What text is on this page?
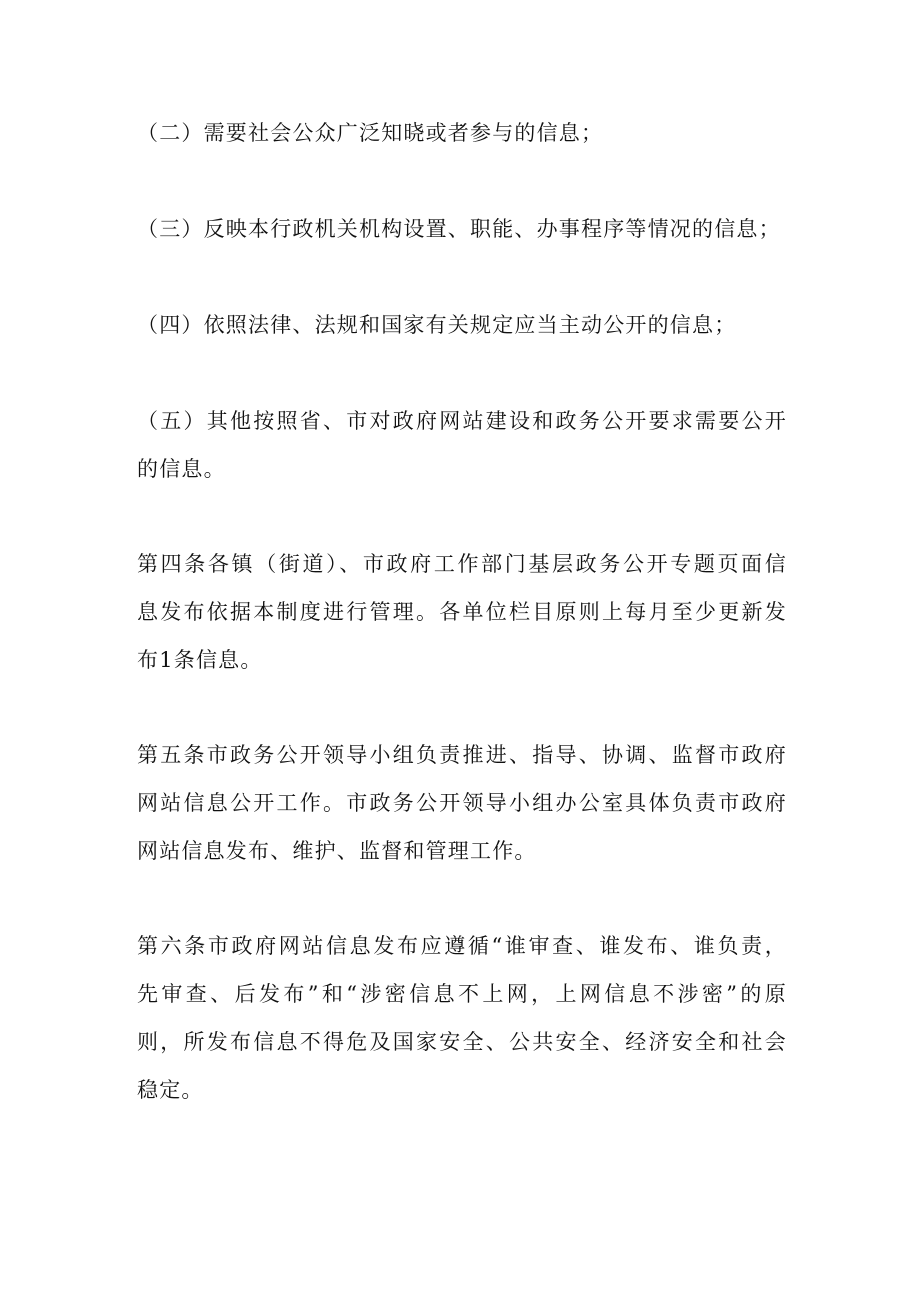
（二）需要社会公众广泛知晓或者参与的信息；
（三）反映本行政机关机构设置、职能、办事程序等情况的信息；
（四）依照法律、法规和国家有关规定应当主动公开的信息；
（五）其他按照省、市对政府网站建设和政务公开要求需要公开
的信息。
第四条各镇（街道）、市政府工作部门基层政务公开专题页面信
息发布依据本制度进行管理。各单位栏目原则上每月至少更新发
布1条信息。
第五条市政务公开领导小组负责推进、指导、协调、监督市政府
网站信息公开工作。市政务公开领导小组办公室具体负责市政府
网站信息发布、维护、监督和管理工作。
第六条市政府网站信息发布应遵循“谁审查、谁发布、谁负责，
先审查、后发布”和“涉密信息不上网，上网信息不涉密”的原
则，所发布信息不得危及国家安全、公共安全、经济安全和社会
稳定。
